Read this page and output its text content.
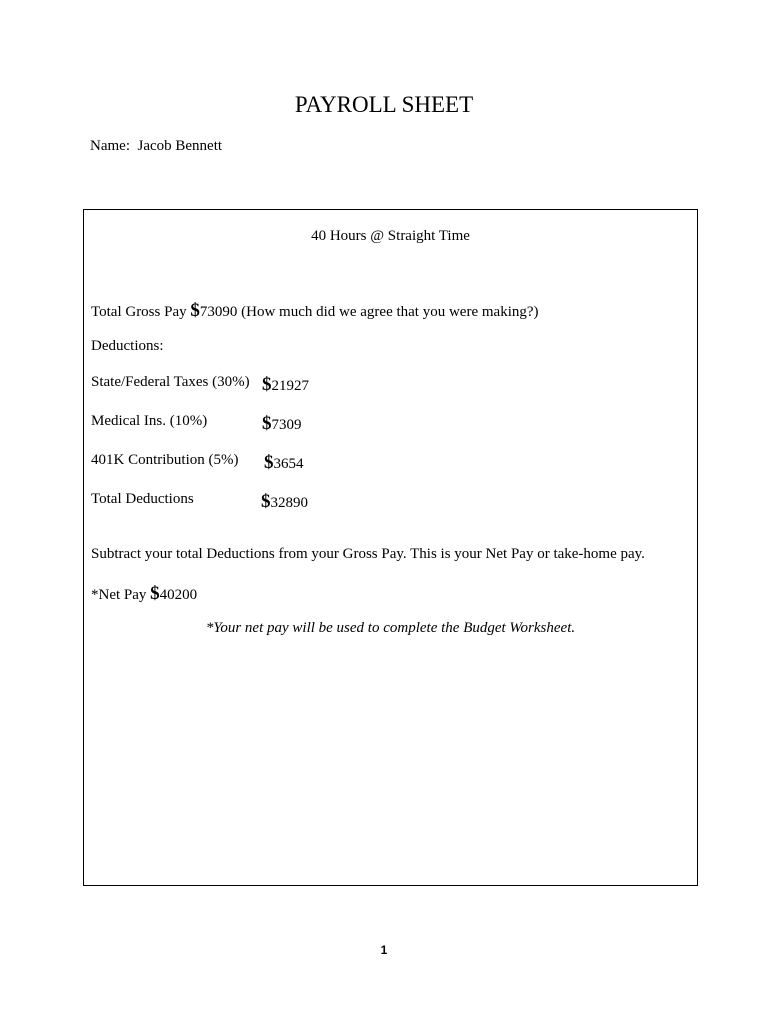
PAYROLL SHEET
Name: Jacob Bennett
40 Hours @ Straight Time
Total Gross Pay $73090 (How much did we agree that you were making?)
Deductions:
State/Federal Taxes (30%) $21927
Medical Ins. (10%)	$7309
401K Contribution (5%) $3654
Total Deductions	$32890
Subtract your total Deductions from your Gross Pay. This is your Net Pay or take-home pay.
*Net Pay $40200
*Your net pay will be used to complete the Budget Worksheet.
1
